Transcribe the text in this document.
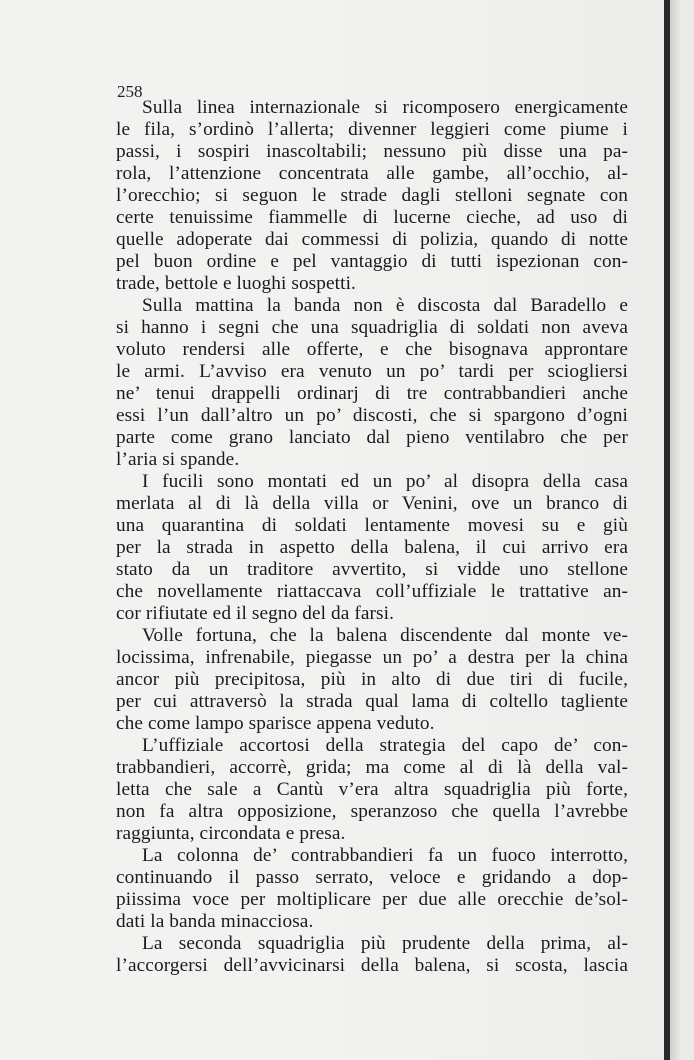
258
Sulla linea internazionale si ricomposero energicamente
le fila, s’ordinò l’allerta; divenner leggieri come piume i
passi, i sospiri inascoltabili; nessuno più disse una pa-
rola, l’attenzione concentrata alle gambe, all’occhio, al-
l’orecchio; si seguon le strade dagli stelloni segnate con
certe tenuissime fiammelle di lucerne cieche, ad uso di
quelle adoperate dai commessi di polizia, quando di notte
pel buon ordine e pel vantaggio di tutti ispezionan con-
trade, bettole e luoghi sospetti.
Sulla mattina la banda non è discosta dal Baradello e
si hanno i segni che una squadriglia di soldati non aveva
voluto rendersi alle offerte, e che bisognava approntare
le armi. L’avviso era venuto un po’ tardi per sciogliersi
ne’ tenui drappelli ordinarj di tre contrabbandieri anche
essi l’un dall’altro un po’ discosti, che si spargono d’ogni
parte come grano lanciato dal pieno ventilabro che per
l’aria si spande.
I fucili sono montati ed un po’ al disopra della casa
merlata al di là della villa or Venini, ove un branco di
una quarantina di soldati lentamente movesi su e giù
per la strada in aspetto della balena, il cui arrivo era
stato da un traditore avvertito, si vidde uno stellone
che novellamente riattaccava coll’uffiziale le trattative an-
cor rifiutate ed il segno del da farsi.
Volle fortuna, che la balena discendente dal monte ve-
locissima, infrenabile, piegasse un po’ a destra per la china
ancor più precipitosa, più in alto di due tiri di fucile,
per cui attraversò la strada qual lama di coltello tagliente
che come lampo sparisce appena veduto.
L’uffiziale accortosi della strategia del capo de’ con-
trabbandieri, accorrè, grida; ma come al di là della val-
letta che sale a Cantù v’era altra squadriglia più forte,
non fa altra opposizione, speranzoso che quella l’avrebbe
raggiunta, circondata e presa.
La colonna de’ contrabbandieri fa un fuoco interrotto,
continuando il passo serrato, veloce e gridando a dop-
piissima voce per moltiplicare per due alle orecchie de’sol-
dati la banda minacciosa.
La seconda squadriglia più prudente della prima, al-
l’accorgersi dell’avvicinarsi della balena, si scosta, lascia
